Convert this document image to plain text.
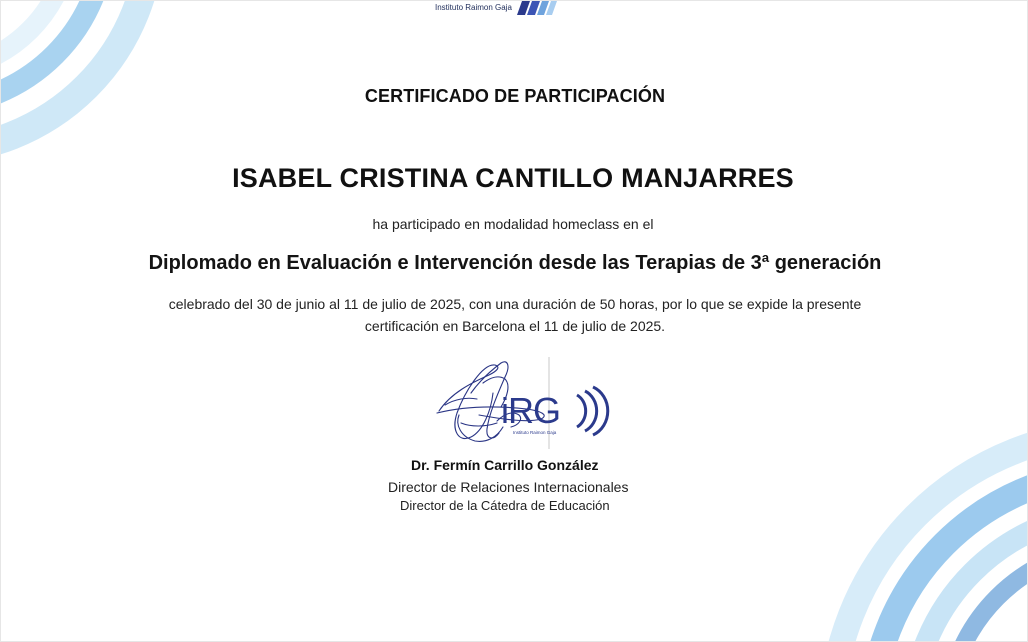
Instituto Raimon Gaja
CERTIFICADO DE PARTICIPACIÓN
ISABEL CRISTINA CANTILLO MANJARRES
ha participado en modalidad homeclass en el
Diplomado en Evaluación e Intervención desde las Terapias de 3ª generación
celebrado del 30 de junio al 11 de julio de 2025, con una duración de 50 horas, por lo que se expide la presente
certificación en Barcelona el 11 de julio de 2025.
iRG
Instituto Raimon Gaja
Dr. Fermín Carrillo González
Director de Relaciones Internacionales
Director de la Cátedra de Educación
